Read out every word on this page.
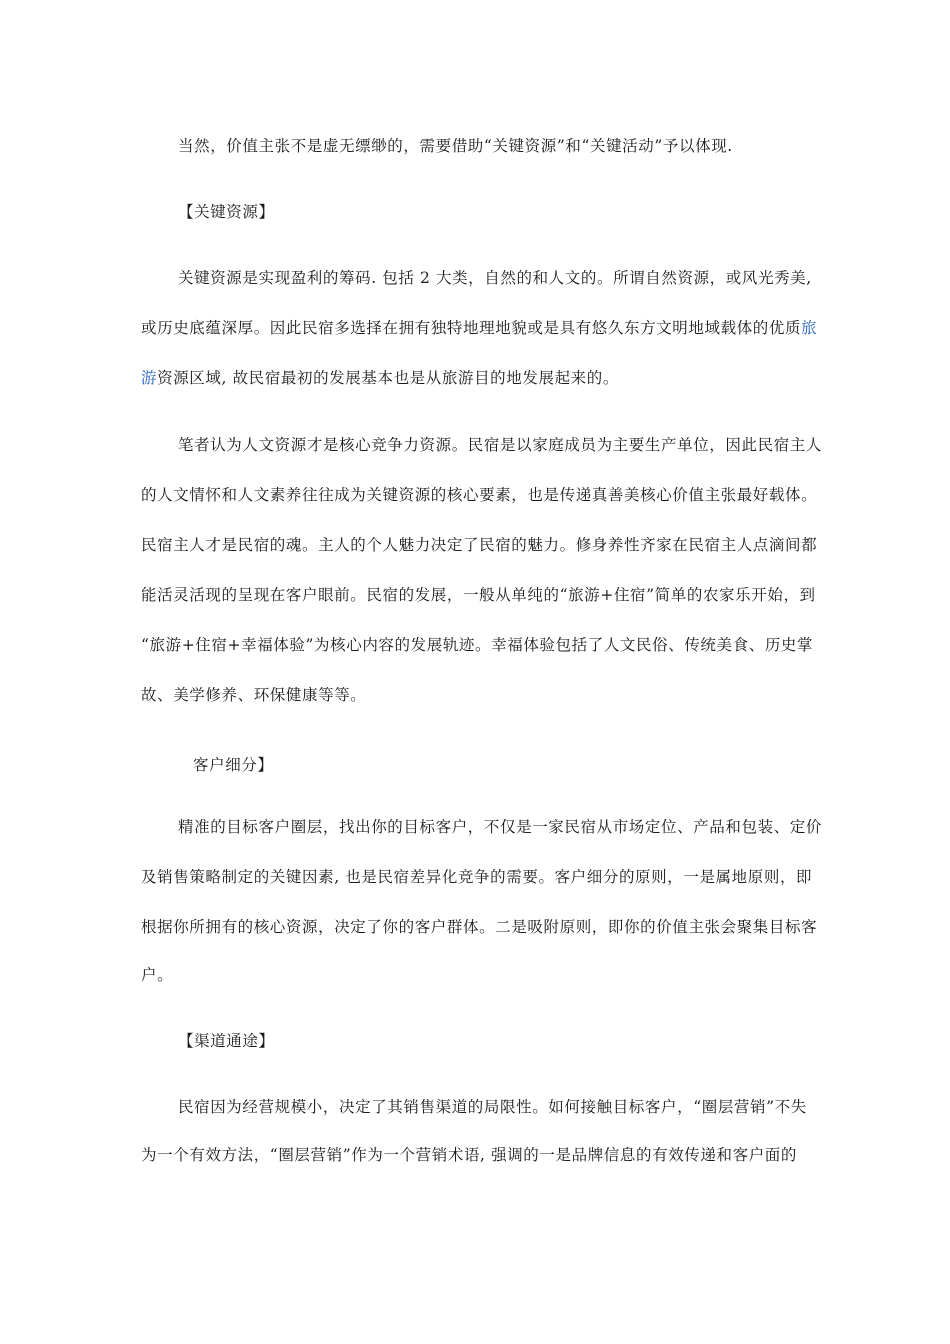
当然，价值主张不是虚无缥缈的，需要借助“关键资源”和“关键活动”予以体现.
【关键资源】
关键资源是实现盈利的筹码. 包括 2 大类，自然的和人文的。所谓自然资源，或风光秀美,
或历史底蕴深厚。因此民宿多选择在拥有独特地理地貌或是具有悠久东方文明地域载体的优质旅
游资源区域, 故民宿最初的发展基本也是从旅游目的地发展起来的。
笔者认为人文资源才是核心竞争力资源。民宿是以家庭成员为主要生产单位，因此民宿主人
的人文情怀和人文素养往往成为关键资源的核心要素，也是传递真善美核心价值主张最好载体。
民宿主人才是民宿的魂。主人的个人魅力决定了民宿的魅力。修身养性齐家在民宿主人点滴间都
能活灵活现的呈现在客户眼前。民宿的发展，一般从单纯的“旅游+住宿”简单的农家乐开始，到
“旅游+住宿+幸福体验”为核心内容的发展轨迹。幸福体验包括了人文民俗、传统美食、历史掌
故、美学修养、环保健康等等。
客户细分】
精准的目标客户圈层，找出你的目标客户，不仅是一家民宿从市场定位、产品和包装、定价
及销售策略制定的关键因素, 也是民宿差异化竞争的需要。客户细分的原则，一是属地原则，即
根据你所拥有的核心资源，决定了你的客户群体。二是吸附原则，即你的价值主张会聚集目标客
户。
【渠道通途】
民宿因为经营规模小，决定了其销售渠道的局限性。如何接触目标客户，“圈层营销”不失
为一个有效方法，“圈层营销”作为一个营销术语, 强调的一是品牌信息的有效传递和客户面的
